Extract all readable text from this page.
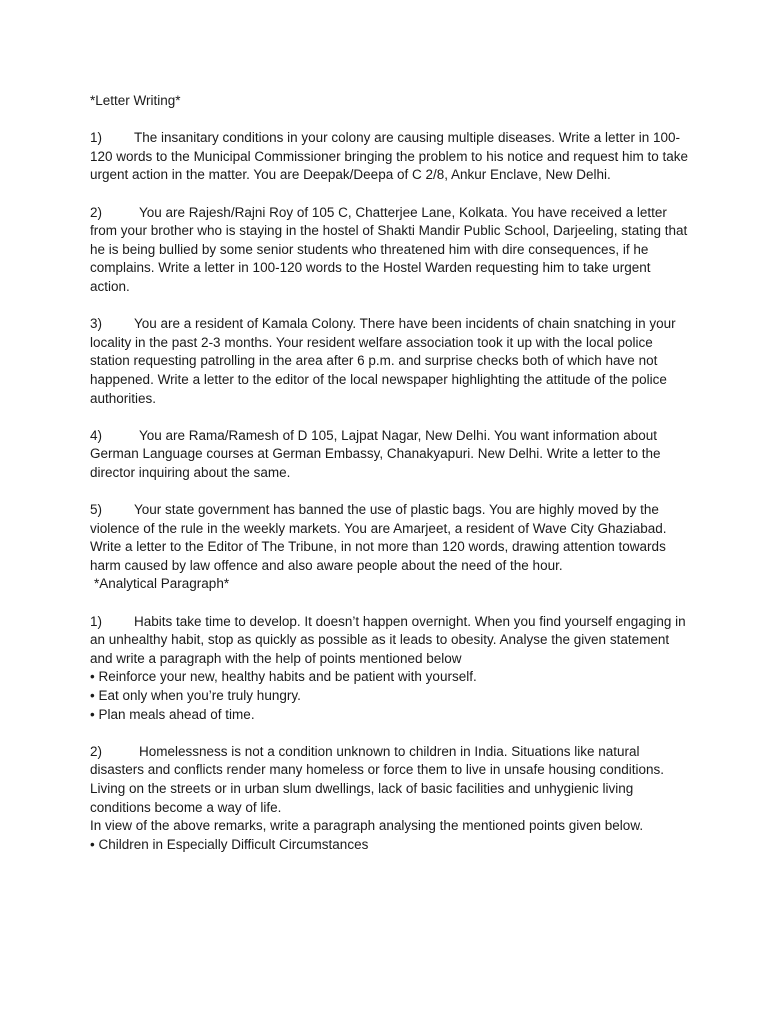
*Letter Writing*

1) The insanitary conditions in your colony are causing multiple diseases. Write a letter in 100-120 words to the Municipal Commissioner bringing the problem to his notice and request him to take urgent action in the matter. You are Deepak/Deepa of C 2/8, Ankur Enclave, New Delhi.

2)	You are Rajesh/Rajni Roy of 105 C, Chatterjee Lane, Kolkata. You have received a letter from your brother who is staying in the hostel of Shakti Mandir Public School, Darjeeling, stating that he is being bullied by some senior students who threatened him with dire consequences, if he complains. Write a letter in 100-120 words to the Hostel Warden requesting him to take urgent action.

3) You are a resident of Kamala Colony. There have been incidents of chain snatching in your locality in the past 2-3 months. Your resident welfare association took it up with the local police station requesting patrolling in the area after 6 p.m. and surprise checks both of which have not happened. Write a letter to the editor of the local newspaper highlighting the attitude of the police authorities.

4)	You are Rama/Ramesh of D 105, Lajpat Nagar, New Delhi. You want information about German Language courses at German Embassy, Chanakyapuri. New Delhi. Write a letter to the director inquiring about the same.

5) Your state government has banned the use of plastic bags. You are highly moved by the violence of the rule in the weekly markets. You are Amarjeet, a resident of Wave City Ghaziabad. Write a letter to the Editor of The Tribune, in not more than 120 words, drawing attention towards harm caused by law offence and also aware people about the need of the hour.

*Analytical Paragraph*

1) Habits take time to develop. It doesn’t happen overnight. When you find yourself engaging in an unhealthy habit, stop as quickly as possible as it leads to obesity. Analyse the given statement and write a paragraph with the help of points mentioned below

• Reinforce your new, healthy habits and be patient with yourself.

• Eat only when you’re truly hungry.

• Plan meals ahead of time.

2)	Homelessness is not a condition unknown to children in India. Situations like natural disasters and conflicts render many homeless or force them to live in unsafe housing conditions. Living on the streets or in urban slum dwellings, lack of basic facilities and unhygienic living conditions become a way of life.

In view of the above remarks, write a paragraph analysing the mentioned points given below.

• Children in Especially Difficult Circumstances
